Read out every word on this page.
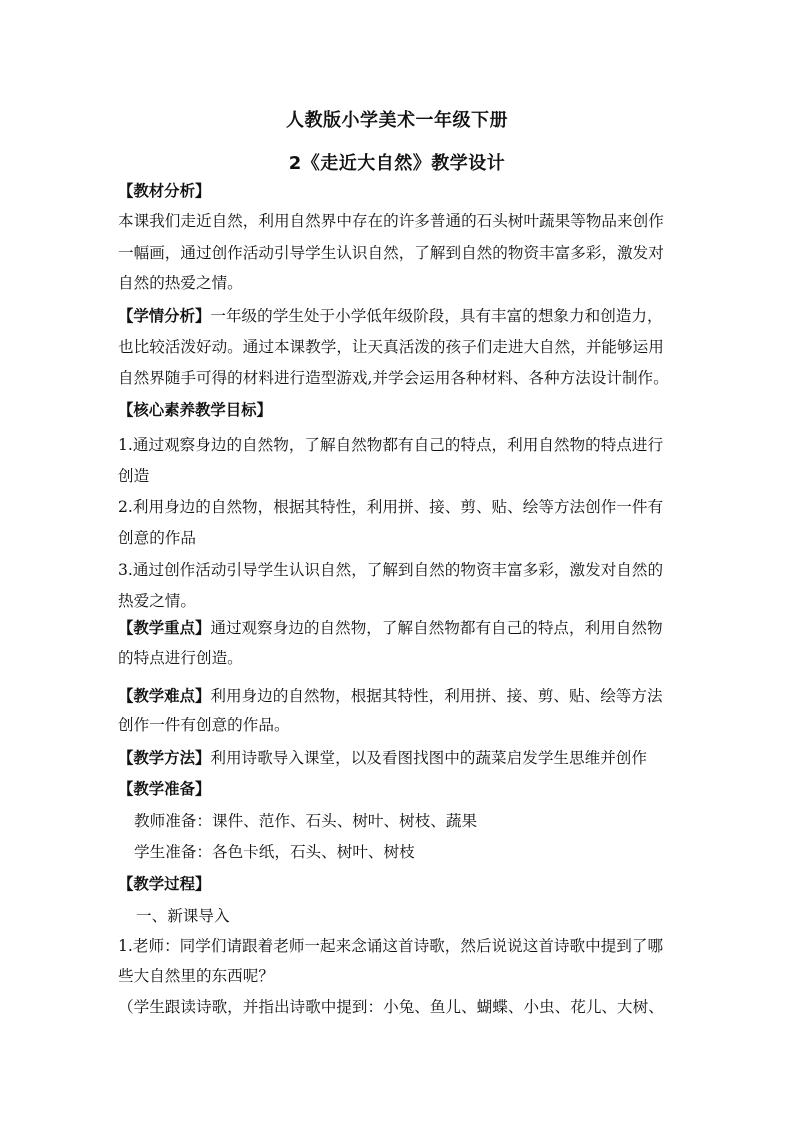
人教版小学美术一年级下册
2《走近大自然》教学设计
【教材分析】
本课我们走近自然，利用自然界中存在的许多普通的石头树叶蔬果等物品来创作
一幅画，通过创作活动引导学生认识自然，了解到自然的物资丰富多彩，激发对
自然的热爱之情。
【学情分析】一年级的学生处于小学低年级阶段，具有丰富的想象力和创造力，
也比较活泼好动。通过本课教学，让天真活泼的孩子们走进大自然，并能够运用
自然界随手可得的材料进行造型游戏,并学会运用各种材料、各种方法设计制作。
【核心素养教学目标】
1.通过观察身边的自然物，了解自然物都有自己的特点，利用自然物的特点进行
创造
2.利用身边的自然物，根据其特性，利用拼、接、剪、贴、绘等方法创作一件有
创意的作品
3.通过创作活动引导学生认识自然，了解到自然的物资丰富多彩，激发对自然的
热爱之情。
【教学重点】通过观察身边的自然物，了解自然物都有自己的特点，利用自然物
的特点进行创造。
【教学难点】利用身边的自然物，根据其特性，利用拼、接、剪、贴、绘等方法
创作一件有创意的作品。
【教学方法】利用诗歌导入课堂，以及看图找图中的蔬菜启发学生思维并创作
【教学准备】
教师准备：课件、范作、石头、树叶、树枝、蔬果
学生准备：各色卡纸，石头、树叶、树枝
【教学过程】
一、新课导入
1.老师：同学们请跟着老师一起来念诵这首诗歌，然后说说这首诗歌中提到了哪
些大自然里的东西呢？
（学生跟读诗歌，并指出诗歌中提到：小兔、鱼儿、蝴蝶、小虫、花儿、大树、
